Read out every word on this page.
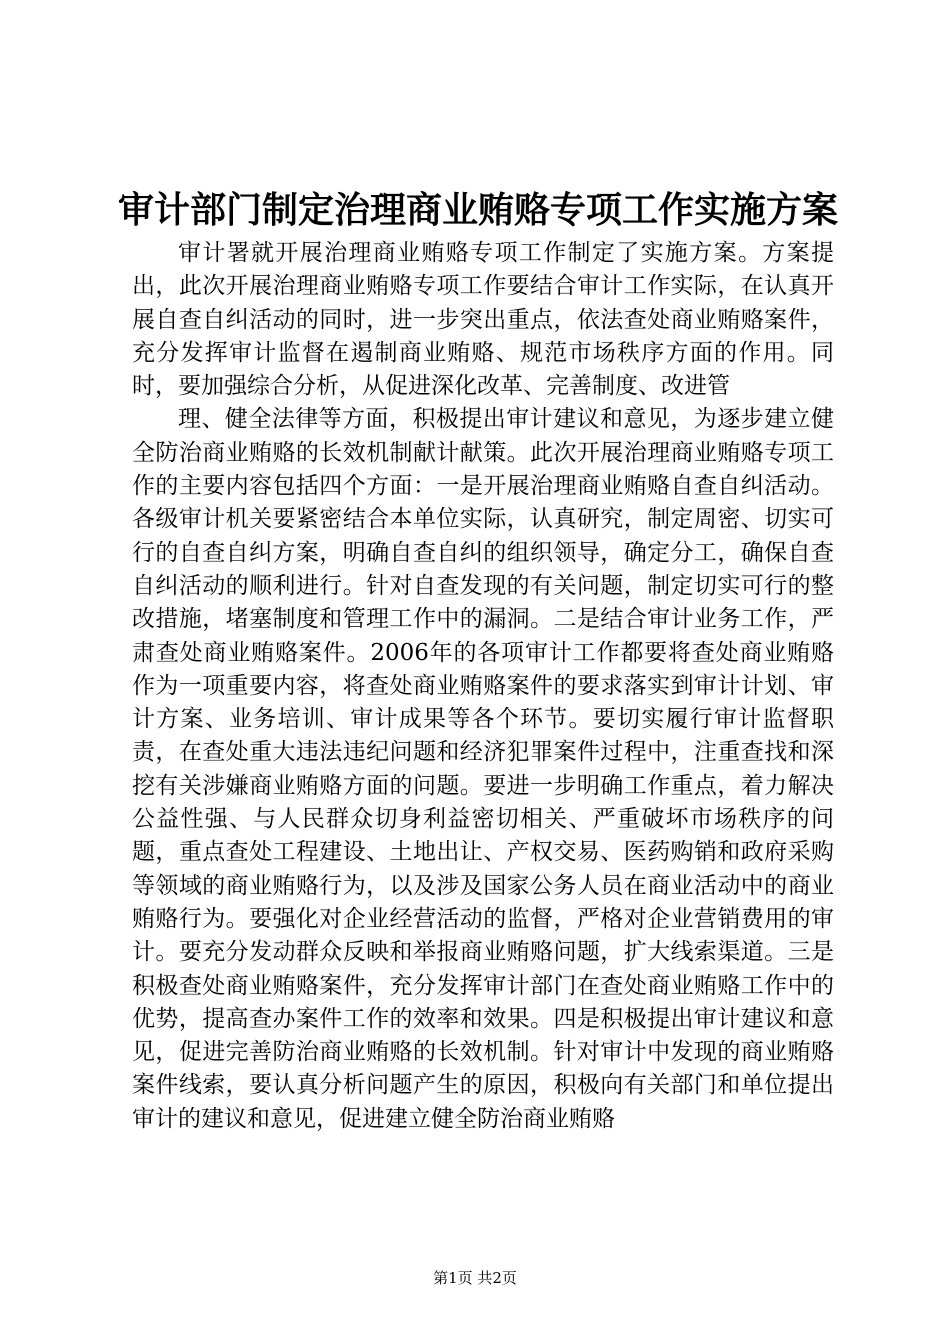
审计部门制定治理商业贿赂专项工作实施方案

审计署就开展治理商业贿赂专项工作制定了实施方案。方案提出，此次开展治理商业贿赂专项工作要结合审计工作实际，在认真开展自查自纠活动的同时，进一步突出重点，依法查处商业贿赂案件，充分发挥审计监督在遏制商业贿赂、规范市场秩序方面的作用。同时，要加强综合分析，从促进深化改革、完善制度、改进管

理、健全法律等方面，积极提出审计建议和意见，为逐步建立健全防治商业贿赂的长效机制献计献策。此次开展治理商业贿赂专项工作的主要内容包括四个方面：一是开展治理商业贿赂自查自纠活动。各级审计机关要紧密结合本单位实际，认真研究，制定周密、切实可行的自查自纠方案，明确自查自纠的组织领导，确定分工，确保自查自纠活动的顺利进行。针对自查发现的有关问题，制定切实可行的整改措施，堵塞制度和管理工作中的漏洞。二是结合审计业务工作，严肃查处商业贿赂案件。2006年的各项审计工作都要将查处商业贿赂作为一项重要内容，将查处商业贿赂案件的要求落实到审计计划、审计方案、业务培训、审计成果等各个环节。要切实履行审计监督职责，在查处重大违法违纪问题和经济犯罪案件过程中，注重查找和深挖有关涉嫌商业贿赂方面的问题。要进一步明确工作重点，着力解决公益性强、与人民群众切身利益密切相关、严重破坏市场秩序的问题，重点查处工程建设、土地出让、产权交易、医药购销和政府采购等领域的商业贿赂行为，以及涉及国家公务人员在商业活动中的商业贿赂行为。要强化对企业经营活动的监督，严格对企业营销费用的审计。要充分发动群众反映和举报商业贿赂问题，扩大线索渠道。三是积极查处商业贿赂案件，充分发挥审计部门在查处商业贿赂工作中的优势，提高查办案件工作的效率和效果。四是积极提出审计建议和意见，促进完善防治商业贿赂的长效机制。针对审计中发现的商业贿赂案件线索，要认真分析问题产生的原因，积极向有关部门和单位提出审计的建议和意见，促进建立健全防治商业贿赂

第1页 共2页
